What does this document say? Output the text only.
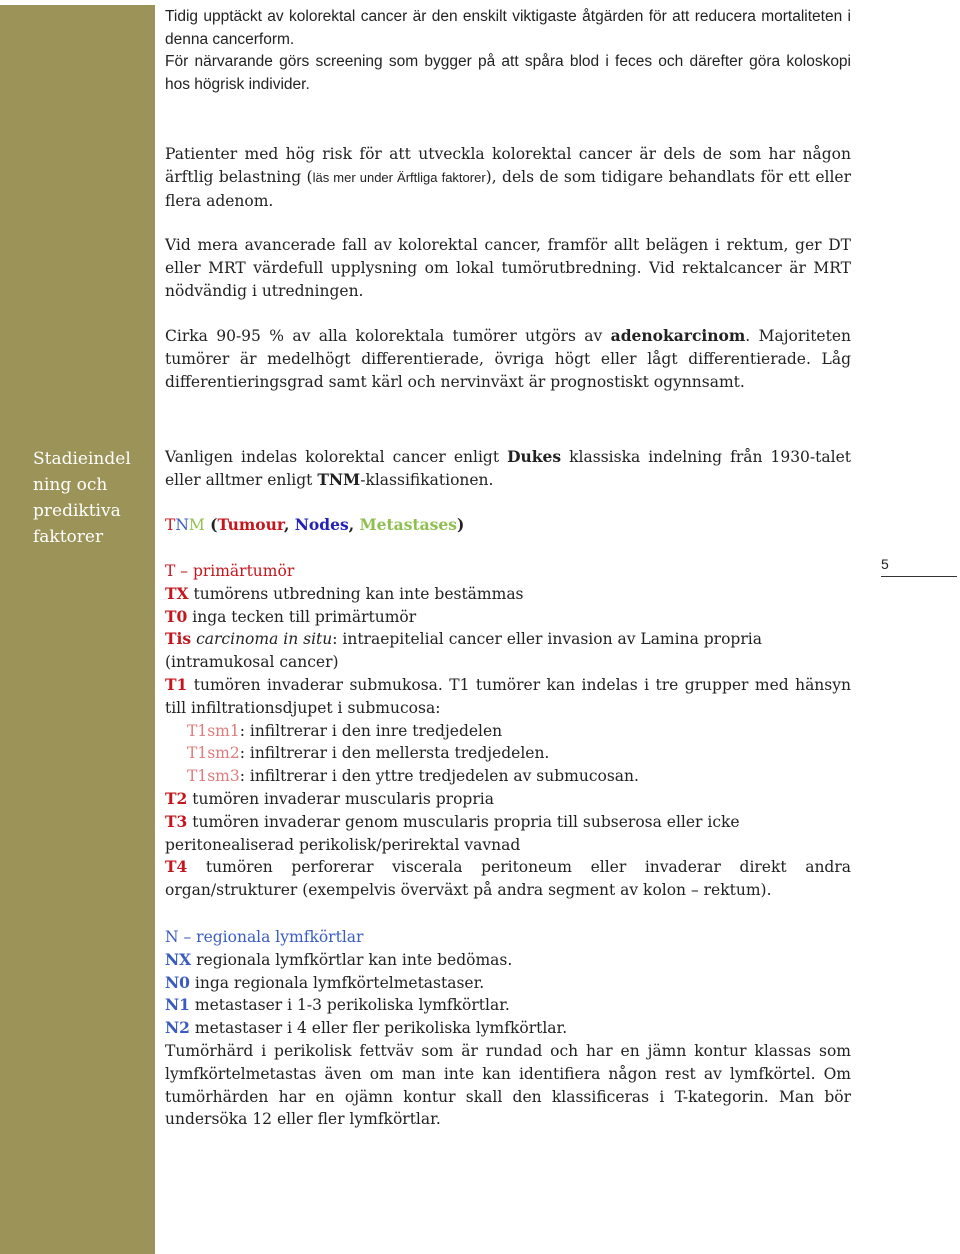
Stadieindel
ning och
prediktiva
faktorer

Tidig upptäckt av kolorektal cancer är den enskilt viktigaste åtgärden för att reducera mortaliteten i denna cancerform.

För närvarande görs screening som bygger på att spåra blod i feces och därefter göra koloskopi hos högrisk individer.

Patienter med hög risk för att utveckla kolorektal cancer är dels de som har någon ärftlig belastning (läs mer under Ärftliga faktorer), dels de som tidigare behandlats för ett eller flera adenom.

Vid mera avancerade fall av kolorektal cancer, framför allt belägen i rektum, ger DT eller MRT värdefull upplysning om lokal tumörutbredning. Vid rektalcancer är MRT nödvändig i utredningen.

Cirka 90-95 % av alla kolorektala tumörer utgörs av adenokarcinom. Majoriteten tumörer är medelhögt differentierade, övriga högt eller lågt differentierade. Låg differentieringsgrad samt kärl och nervinväxt är prognostiskt ogynnsamt.

Vanligen indelas kolorektal cancer enligt Dukes klassiska indelning från 1930-talet eller alltmer enligt TNM-klassifikationen.

TNM (Tumour, Nodes, Metastases)

T – primärtumör

TX tumörens utbredning kan inte bestämmas

T0 inga tecken till primärtumör

Tis carcinoma in situ: intraepitelial cancer eller invasion av Lamina propria (intramukosal cancer)

T1 tumören invaderar submukosa. T1 tumörer kan indelas i tre grupper med hänsyn till infiltrationsdjupet i submucosa:

T1sm1: infiltrerar i den inre tredjedelen

T1sm2: infiltrerar i den mellersta tredjedelen.

T1sm3: infiltrerar i den yttre tredjedelen av submucosan.

T2 tumören invaderar muscularis propria

T3 tumören invaderar genom muscularis propria till subserosa eller icke peritonealiserad perikolisk/perirektal vavnad

T4 tumören perforerar viscerala peritoneum eller invaderar direkt andra organ/strukturer (exempelvis överväxt på andra segment av kolon – rektum).

N – regionala lymfkörtlar

NX regionala lymfkörtlar kan inte bedömas.

N0 inga regionala lymfkörtelmetastaser.

N1 metastaser i 1-3 perikoliska lymfkörtlar.

N2 metastaser i 4 eller fler perikoliska lymfkörtlar.

Tumörhärd i perikolisk fettväv som är rundad och har en jämn kontur klassas som lymfkörtelmetastas även om man inte kan identifiera någon rest av lymfkörtel. Om tumörhärden har en ojämn kontur skall den klassificeras i T-kategorin. Man bör undersöka 12 eller fler lymfkörtlar.

5
